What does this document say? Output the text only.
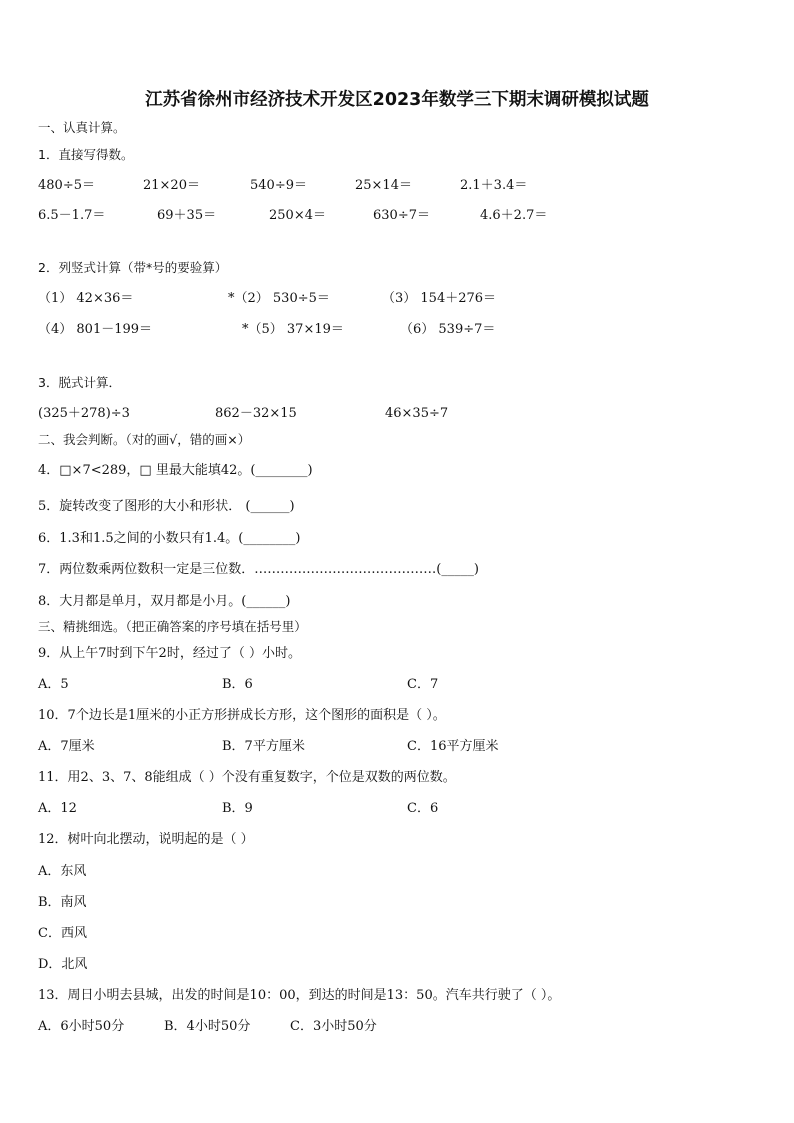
江苏省徐州市经济技术开发区2023年数学三下期末调研模拟试题
一、认真计算。
1．直接写得数。
480÷5＝	21×20＝	540÷9＝	25×14＝	2.1＋3.4＝
6.5－1.7＝	69＋35＝	250×4＝	630÷7＝	4.6＋2.7＝
2．列竖式计算（带*号的要验算）
（1） 42×36＝	*（2） 530÷5＝	（3） 154＋276＝
（4） 801－199＝	*（5） 37×19＝	（6） 539÷7＝
3．脱式计算．
(325＋278)÷3	862－32×15	46×35÷7
二、我会判断。（对的画√，错的画×）
4．□×7<289，□ 里最大能填42。(________)
5．旋转改变了图形的大小和形状． (______)
6．1.3和1.5之间的小数只有1.4。(________)
7．两位数乘两位数积一定是三位数．……………………………………(_____)
8．大月都是单月，双月都是小月。(______)
三、精挑细选。（把正确答案的序号填在括号里）
9．从上午7时到下午2时，经过了（ ）小时。
A．5	B．6	C．7
10．7个边长是1厘米的小正方形拼成长方形，这个图形的面积是（ ）。
A．7厘米	B．7平方厘米	C．16平方厘米
11．用2、3、7、8能组成（ ）个没有重复数字，个位是双数的两位数。
A．12	B．9	C．6
12．树叶向北摆动，说明起的是（ ）
A．东风
B．南风
C．西风
D．北风
13．周日小明去县城，出发的时间是10：00，到达的时间是13：50。汽车共行驶了（ ）。
A．6小时50分	B．4小时50分	C．3小时50分
